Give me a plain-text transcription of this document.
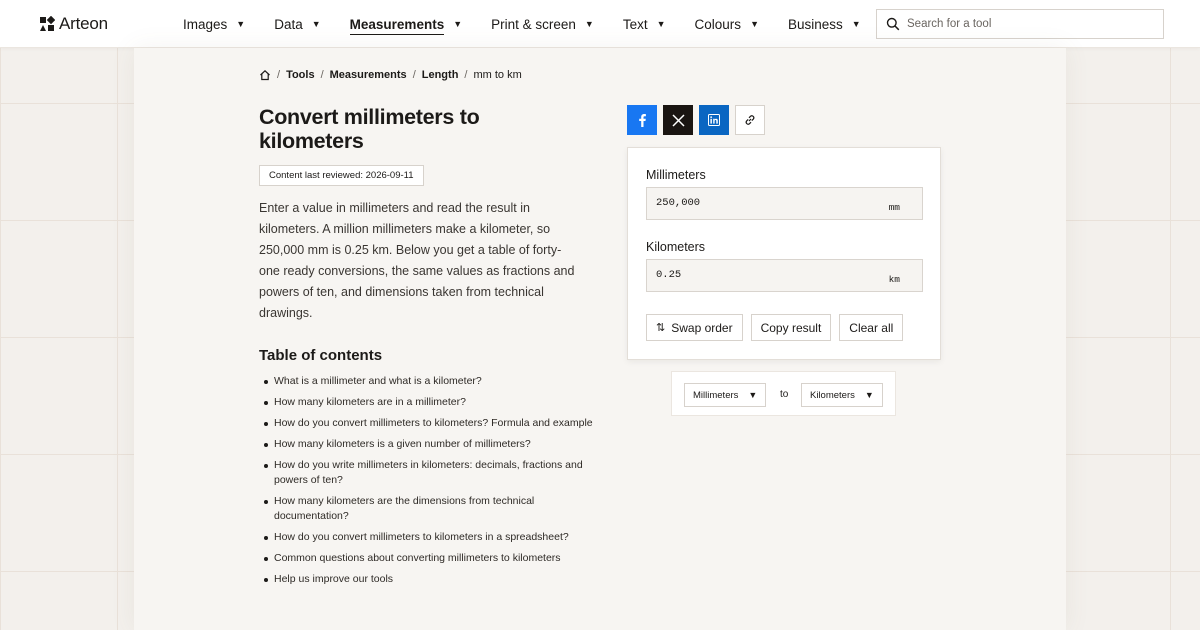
Arteon	Images ▼ Data ▼ Measurements ▼ Print & screen ▼ Text ▼ Colours ▼ Business ▼
Search for a tool
/ Tools / Measurements / Length / mm to km
Convert millimeters to kilometers
Content last reviewed: 2026-09-11

Enter a value in millimeters and read the result in kilometers. A million millimeters make a kilometer, so 250,000 mm is 0.25 km. Below you get a table of forty-one ready conversions, the same values as fractions and powers of ten, and dimensions taken from technical drawings.

Table of contents
What is a millimeter and what is a kilometer?
How many kilometers are in a millimeter?
How do you convert millimeters to kilometers? Formula and example
How many kilometers is a given number of millimeters?
How do you write millimeters in kilometers: decimals, fractions and powers of ten?
How many kilometers are the dimensions from technical documentation?
How do you convert millimeters to kilometers in a spreadsheet?
Common questions about converting millimeters to kilometers
Help us improve our tools
Millimeters
250,000
mm
Kilometers
0.25
km
⇅ Swap order	Copy result	Clear all
Millimeters ▼ to Kilometers ▼
